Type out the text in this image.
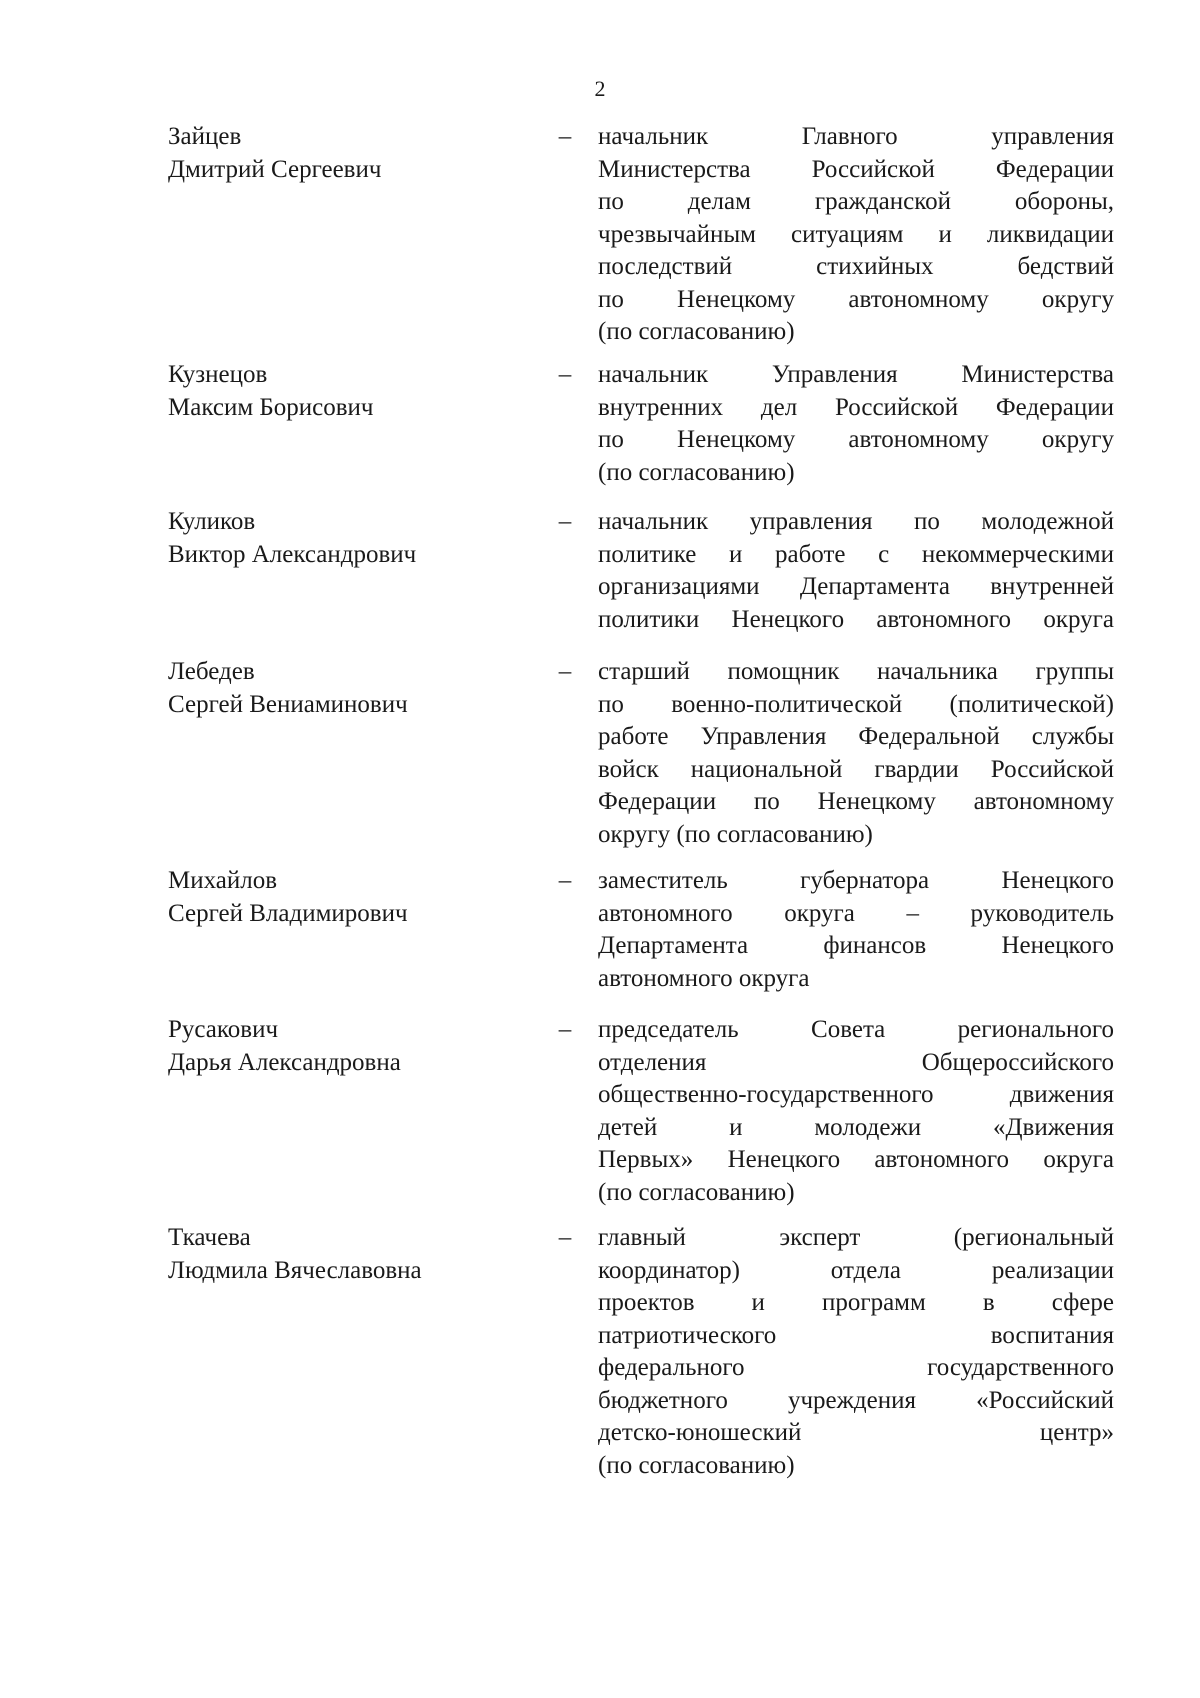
2
Зайцев
Дмитрий Сергеевич
– начальник Главного управления
Министерства Российской Федерации
по делам гражданской обороны,
чрезвычайным ситуациям и ликвидации
последствий стихийных бедствий
по Ненецкому автономному округу
(по согласованию)
Кузнецов
Максим Борисович
– начальник Управления Министерства
внутренних дел Российской Федерации
по Ненецкому автономному округу
(по согласованию)
Куликов
Виктор Александрович
– начальник управления по молодежной
политике и работе с некоммерческими
организациями Департамента внутренней
политики Ненецкого автономного округа
Лебедев
Сергей Вениаминович
– старший помощник начальника группы
по военно-политической (политической)
работе Управления Федеральной службы
войск национальной гвардии Российской
Федерации по Ненецкому автономному
округу (по согласованию)
Михайлов
Сергей Владимирович
– заместитель губернатора Ненецкого
автономного округа – руководитель
Департамента финансов Ненецкого
автономного округа
Русакович
Дарья Александровна
– председатель Совета регионального
отделения Общероссийского
общественно-государственного движения
детей и молодежи «Движения
Первых» Ненецкого автономного округа
(по согласованию)
Ткачева
Людмила Вячеславовна
– главный эксперт (региональный
координатор) отдела реализации
проектов и программ в сфере
патриотического воспитания
федерального государственного
бюджетного учреждения «Российский
детско-юношеский центр»
(по согласованию)
